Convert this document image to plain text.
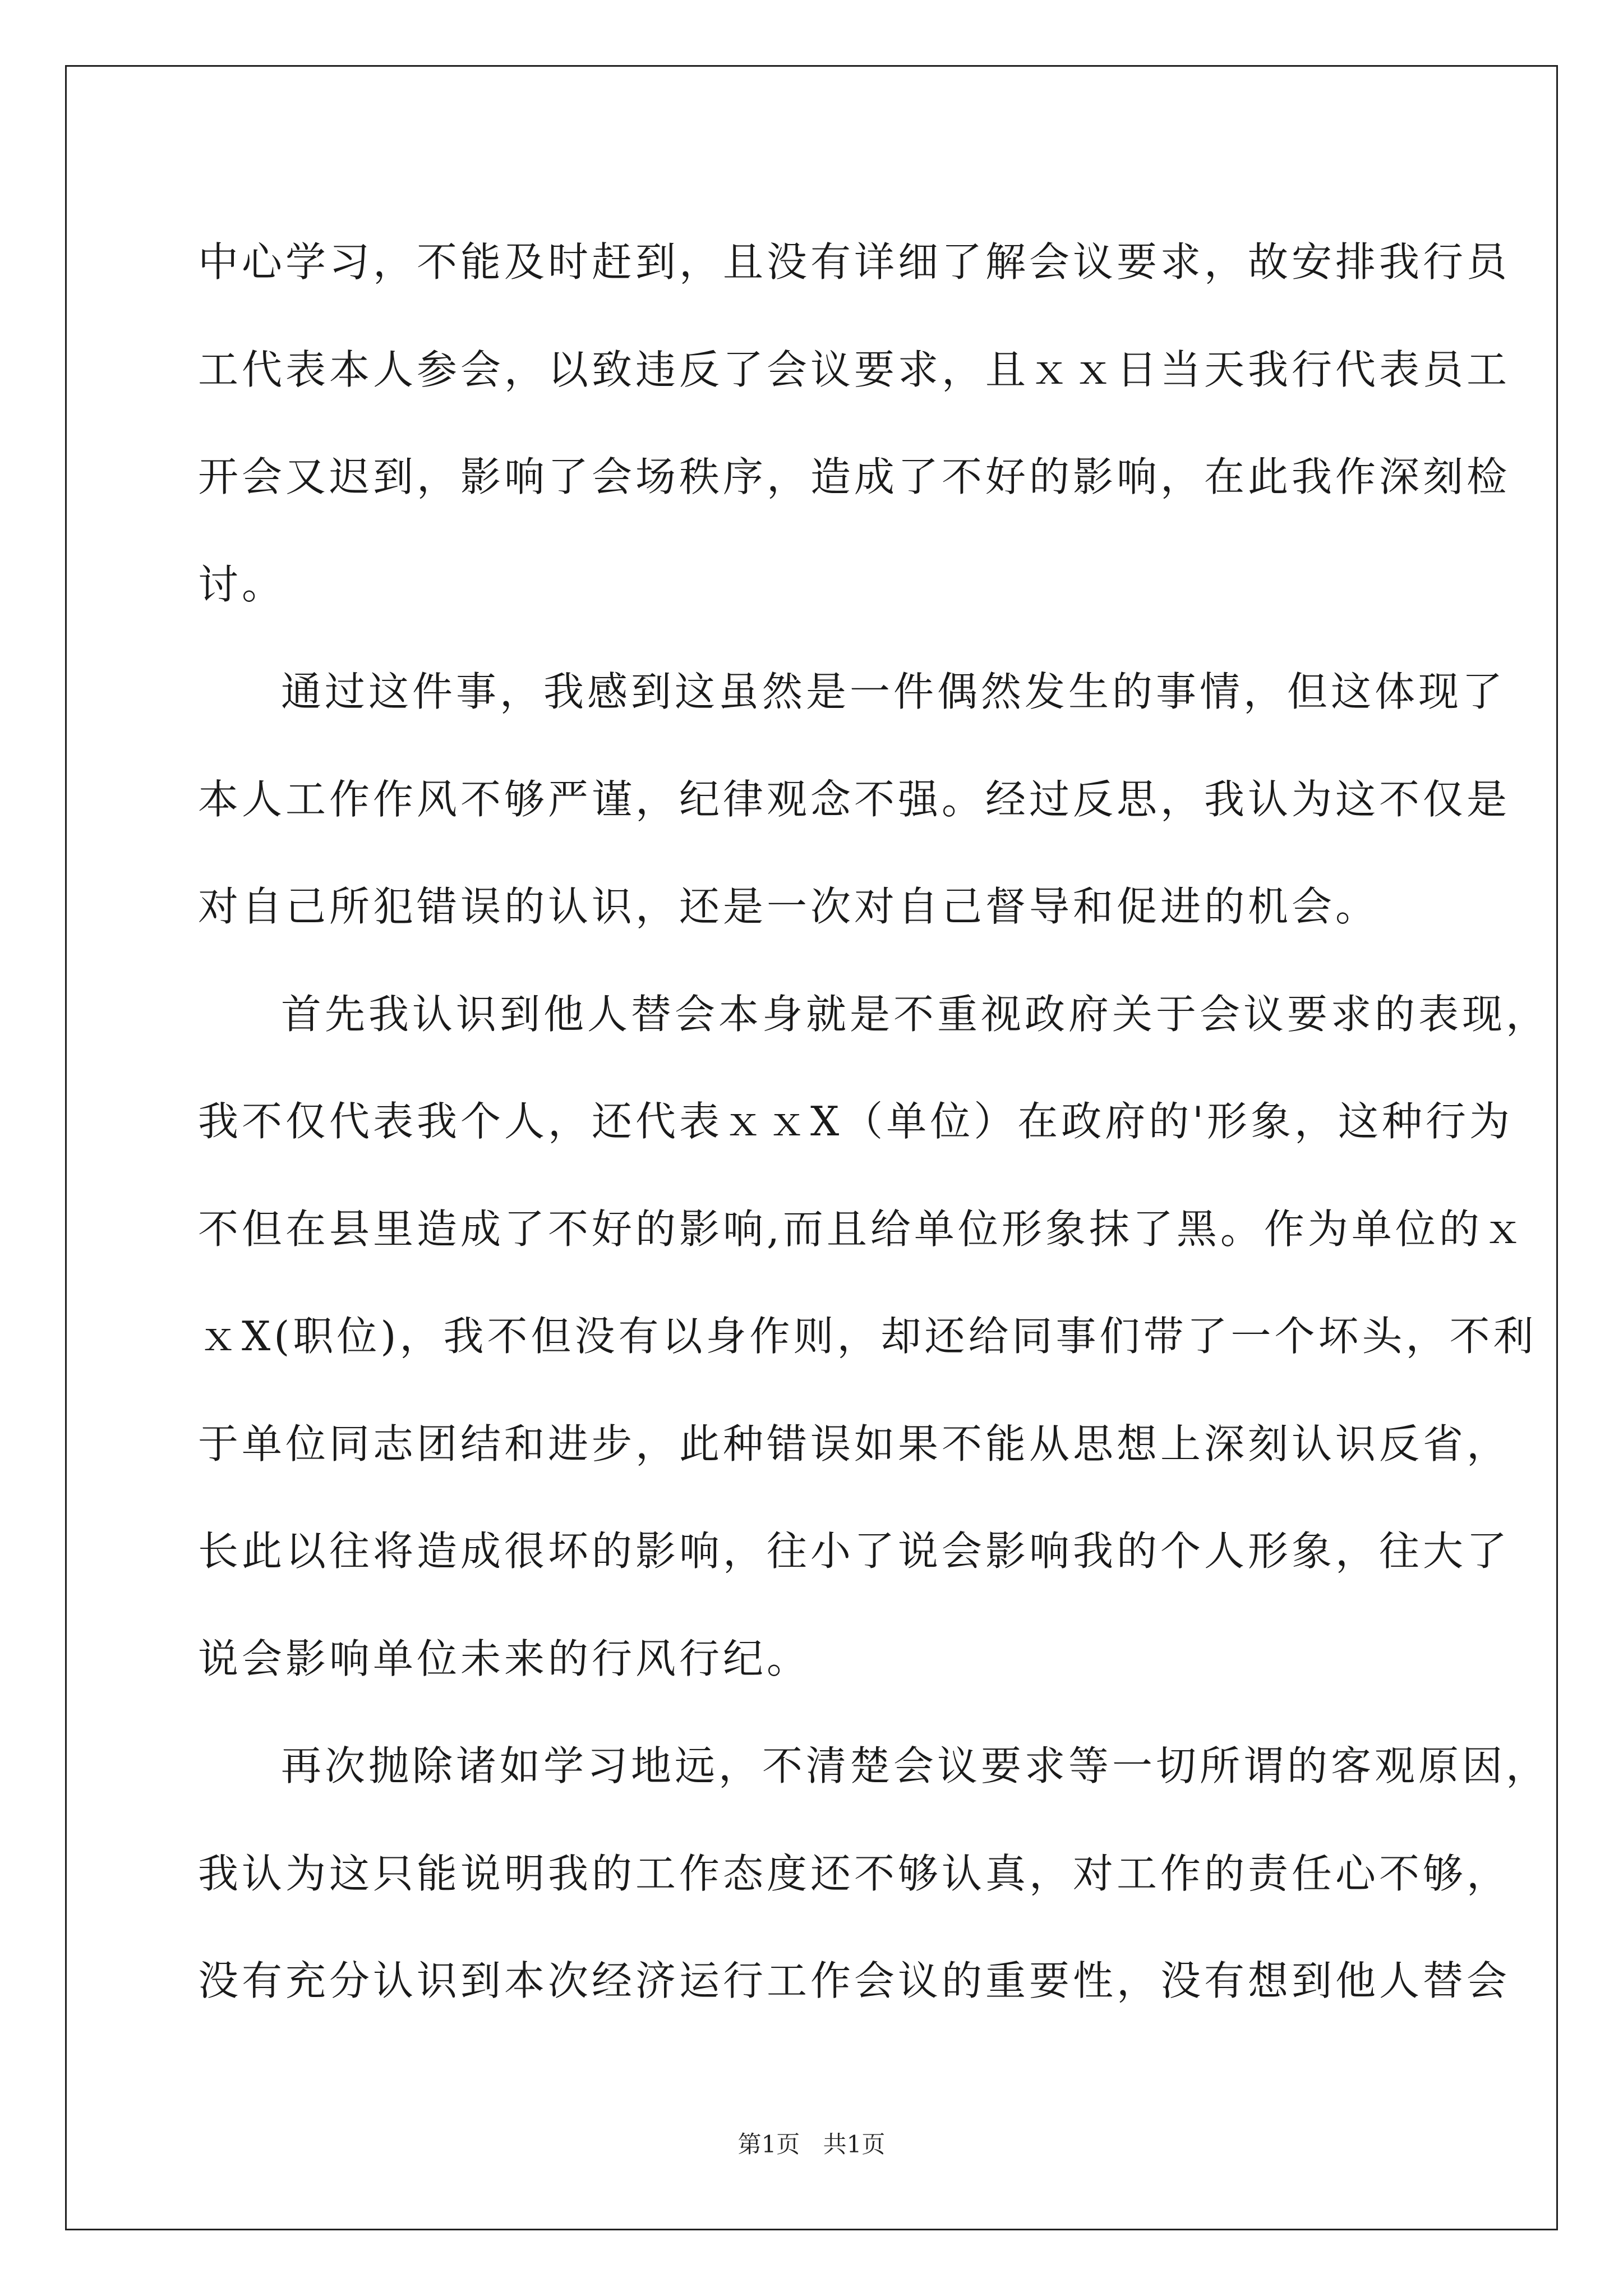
中心学习，不能及时赶到，且没有详细了解会议要求，故安排我行员
工代表本人参会，以致违反了会议要求，且ｘｘ日当天我行代表员工
开会又迟到，影响了会场秩序，造成了不好的影响，在此我作深刻检
讨。
通过这件事，我感到这虽然是一件偶然发生的事情，但这体现了
本人工作作风不够严谨，纪律观念不强。经过反思，我认为这不仅是
对自己所犯错误的认识，还是一次对自己督导和促进的机会。
首先我认识到他人替会本身就是不重视政府关于会议要求的表现，
我不仅代表我个人，还代表ｘｘX（单位）在政府的'形象，这种行为
不但在县里造成了不好的影响,而且给单位形象抹了黑。作为单位的ｘ
ｘX(职位)，我不但没有以身作则，却还给同事们带了一个坏头，不利
于单位同志团结和进步，此种错误如果不能从思想上深刻认识反省，
长此以往将造成很坏的影响，往小了说会影响我的个人形象，往大了
说会影响单位未来的行风行纪。
再次抛除诸如学习地远，不清楚会议要求等一切所谓的客观原因，
我认为这只能说明我的工作态度还不够认真，对工作的责任心不够，
没有充分认识到本次经济运行工作会议的重要性，没有想到他人替会
第1页 共1页
